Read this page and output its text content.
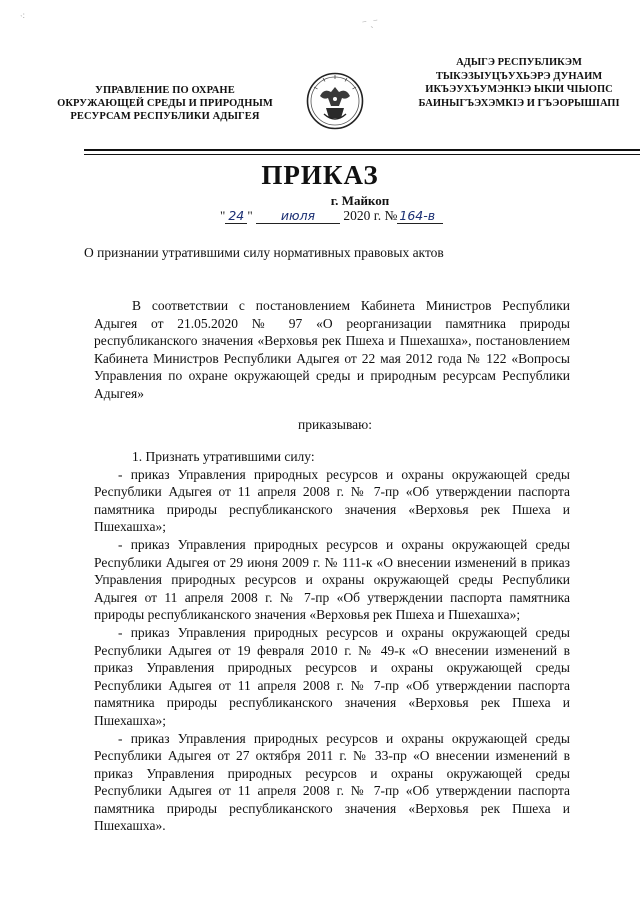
ˑ˸	⁻ ˏ⁻
УПРАВЛЕНИЕ ПО ОХРАНЕ
ОКРУЖАЮЩЕЙ СРЕДЫ И ПРИРОДНЫМ
РЕСУРСАМ РЕСПУБЛИКИ АДЫГЕЯ
АДЫГЭ РЕСПУБЛИКЭМ
ТЫКЭЗЫУЦЪУХЬЭРЭ ДУНАИМ
ИКЪЭУХЪУМЭНКIЭ ЫКIИ ЧIЫОПС
БАИНЫГЪЭХЭМКIЭ И ГЪЭОРЫШIАПI
ПРИКАЗ
г. Майкоп
" 24 " июля 2020 г. № 164-в
О признании утратившими силу нормативных правовых актов

В соответствии с постановлением Кабинета Министров Республики Адыгея от 21.05.2020 № 97 «О реорганизации памятника природы республиканского значения «Верховья рек Пшеха и Пшехашха», постановлением Кабинета Министров Республики Адыгея от 22 мая 2012 года № 122 «Вопросы Управления по охране окружающей среды и природным ресурсам Республики Адыгея»

приказываю:

1. Признать утратившими силу:

- приказ Управления природных ресурсов и охраны окружающей среды Республики Адыгея от 11 апреля 2008 г. № 7-пр «Об утверждении паспорта памятника природы республиканского значения «Верховья рек Пшеха и Пшехашха»;

- приказ Управления природных ресурсов и охраны окружающей среды Республики Адыгея от 29 июня 2009 г. № 111-к «О внесении изменений в приказ Управления природных ресурсов и охраны окружающей среды Республики Адыгея от 11 апреля 2008 г. № 7-пр «Об утверждении паспорта памятника природы республиканского значения «Верховья рек Пшеха и Пшехашха»;

- приказ Управления природных ресурсов и охраны окружающей среды Республики Адыгея от 19 февраля 2010 г. № 49-к «О внесении изменений в приказ Управления природных ресурсов и охраны окружающей среды Республики Адыгея от 11 апреля 2008 г. № 7-пр «Об утверждении паспорта памятника природы республиканского значения «Верховья рек Пшеха и Пшехашха»;

- приказ Управления природных ресурсов и охраны окружающей среды Республики Адыгея от 27 октября 2011 г. № 33-пр «О внесении изменений в приказ Управления природных ресурсов и охраны окружающей среды Республики Адыгея от 11 апреля 2008 г. № 7-пр «Об утверждении паспорта памятника природы республиканского значения «Верховья рек Пшеха и Пшехашха».
